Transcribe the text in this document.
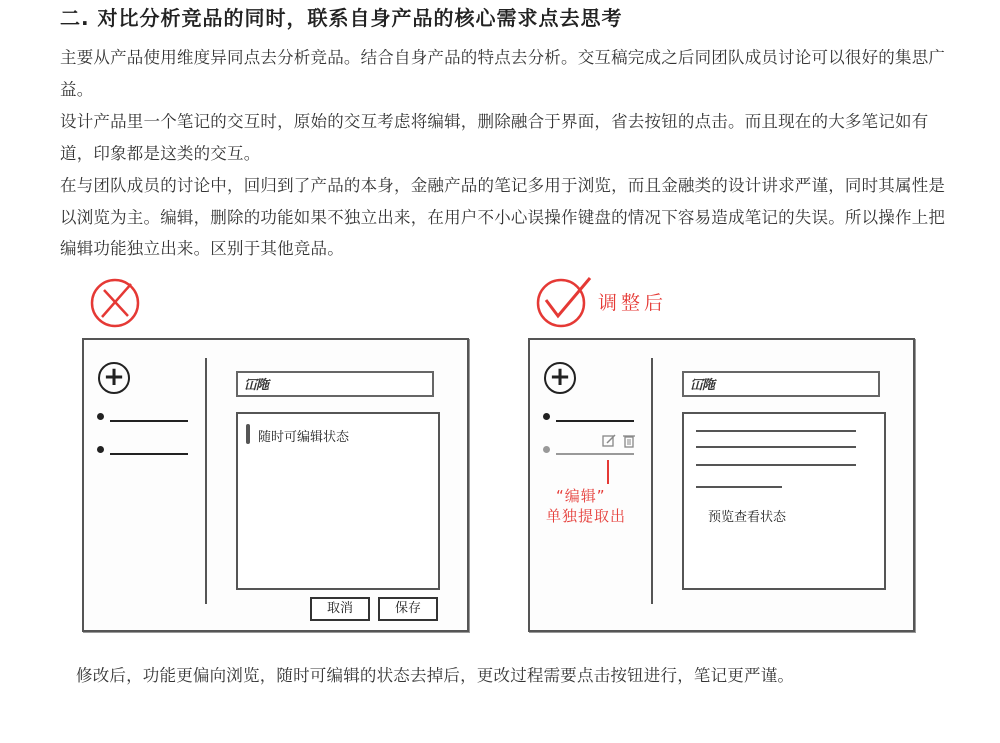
二. 对比分析竞品的同时，联系自身产品的核心需求点去思考
主要从产品使用维度异同点去分析竞品。结合自身产品的特点去分析。交互稿完成之后同团队成员讨论可以很好的集思广益。
设计产品里一个笔记的交互时，原始的交互考虑将编辑，删除融合于界面，省去按钮的点击。而且现在的大多笔记如有道，印象都是这类的交互。
在与团队成员的讨论中，回归到了产品的本身，金融产品的笔记多用于浏览，而且金融类的设计讲求严谨，同时其属性是以浏览为主。编辑，删除的功能如果不独立出来，在用户不小心误操作键盘的情况下容易造成笔记的失误。所以操作上把编辑功能独立出来。区别于其他竞品。
+	冚陁
随时可编辑状态
取消	保存
调整后
+
“编辑”
单独提取出
冚陁
预览查看状态
修改后，功能更偏向浏览，随时可编辑的状态去掉后，更改过程需要点击按钮进行，笔记更严谨。
